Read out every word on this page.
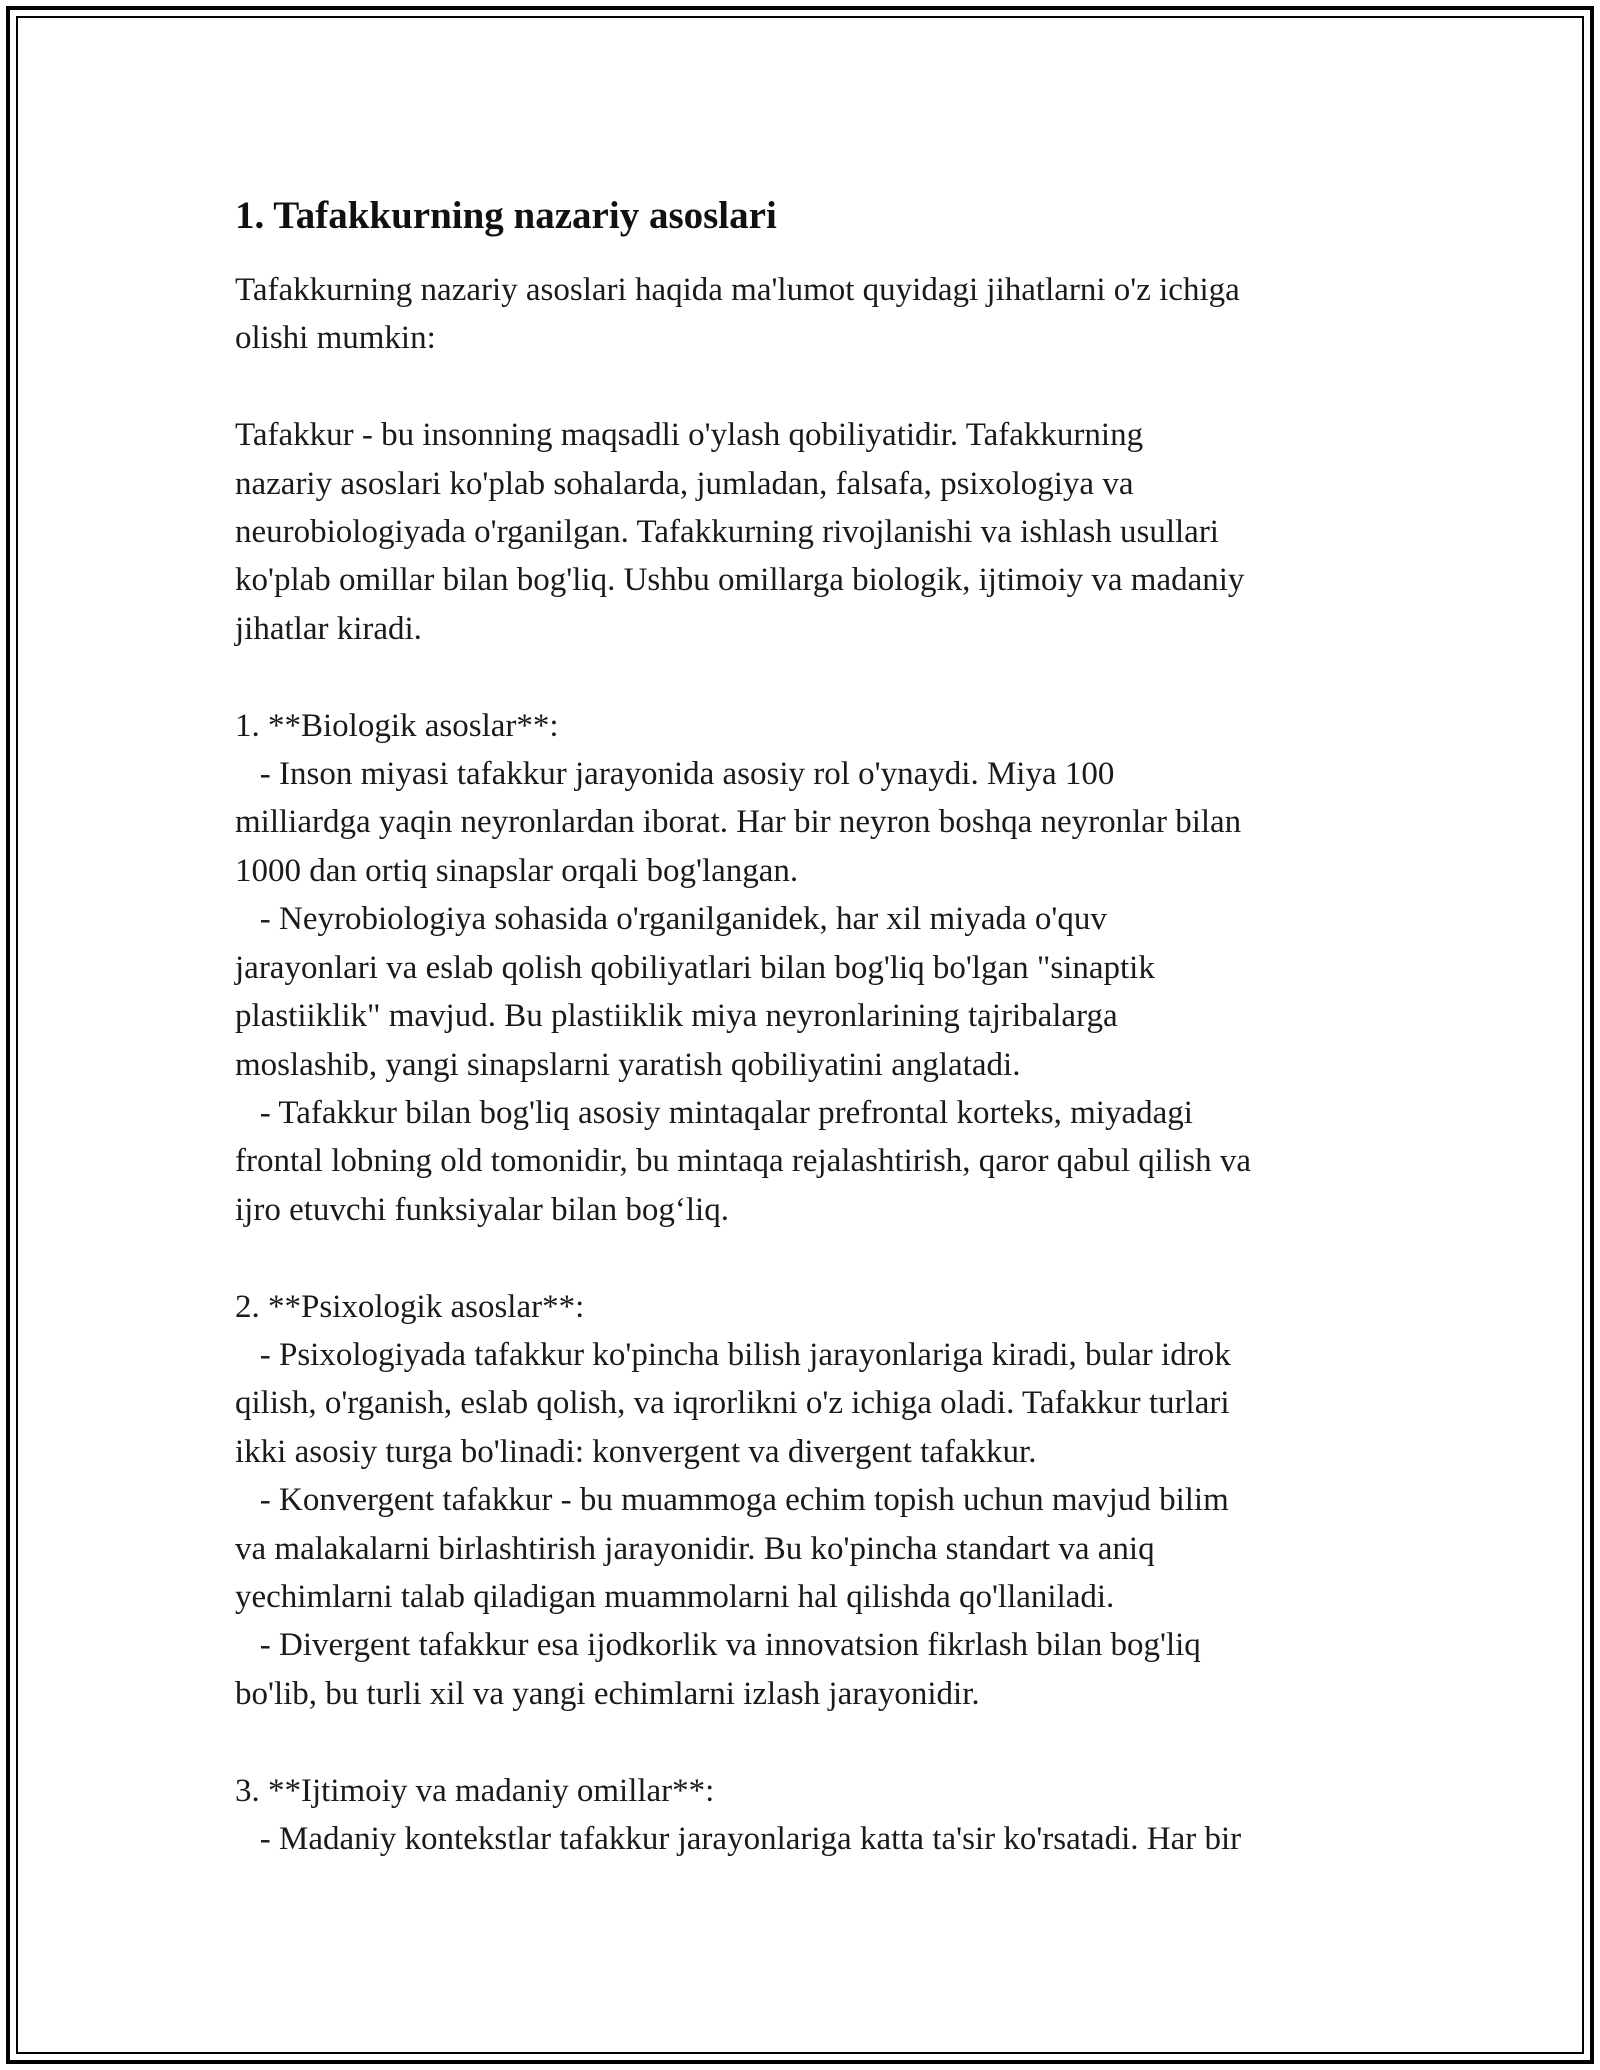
1. Tafakkurning nazariy asoslari

Tafakkurning nazariy asoslari haqida ma'lumot quyidagi jihatlarni o'z ichiga
olishi mumkin:

Tafakkur - bu insonning maqsadli o'ylash qobiliyatidir. Tafakkurning
nazariy asoslari ko'plab sohalarda, jumladan, falsafa, psixologiya va
neurobiologiyada o'rganilgan. Tafakkurning rivojlanishi va ishlash usullari
ko'plab omillar bilan bog'liq. Ushbu omillarga biologik, ijtimoiy va madaniy
jihatlar kiradi.

1. **Biologik asoslar**:
- Inson miyasi tafakkur jarayonida asosiy rol o'ynaydi. Miya 100
milliardga yaqin neyronlardan iborat. Har bir neyron boshqa neyronlar bilan
1000 dan ortiq sinapslar orqali bog'langan.
- Neyrobiologiya sohasida o'rganilganidek, har xil miyada o'quv
jarayonlari va eslab qolish qobiliyatlari bilan bog'liq bo'lgan "sinaptik
plastiiklik" mavjud. Bu plastiiklik miya neyronlarining tajribalarga
moslashib, yangi sinapslarni yaratish qobiliyatini anglatadi.
- Tafakkur bilan bog'liq asosiy mintaqalar prefrontal korteks, miyadagi
frontal lobning old tomonidir, bu mintaqa rejalashtirish, qaror qabul qilish va
ijro etuvchi funksiyalar bilan bog‘liq.

2. **Psixologik asoslar**:
- Psixologiyada tafakkur ko'pincha bilish jarayonlariga kiradi, bular idrok
qilish, o'rganish, eslab qolish, va iqrorlikni o'z ichiga oladi. Tafakkur turlari
ikki asosiy turga bo'linadi: konvergent va divergent tafakkur.
- Konvergent tafakkur - bu muammoga echim topish uchun mavjud bilim
va malakalarni birlashtirish jarayonidir. Bu ko'pincha standart va aniq
yechimlarni talab qiladigan muammolarni hal qilishda qo'llaniladi.
- Divergent tafakkur esa ijodkorlik va innovatsion fikrlash bilan bog'liq
bo'lib, bu turli xil va yangi echimlarni izlash jarayonidir.

3. **Ijtimoiy va madaniy omillar**:
- Madaniy kontekstlar tafakkur jarayonlariga katta ta'sir ko'rsatadi. Har bir
